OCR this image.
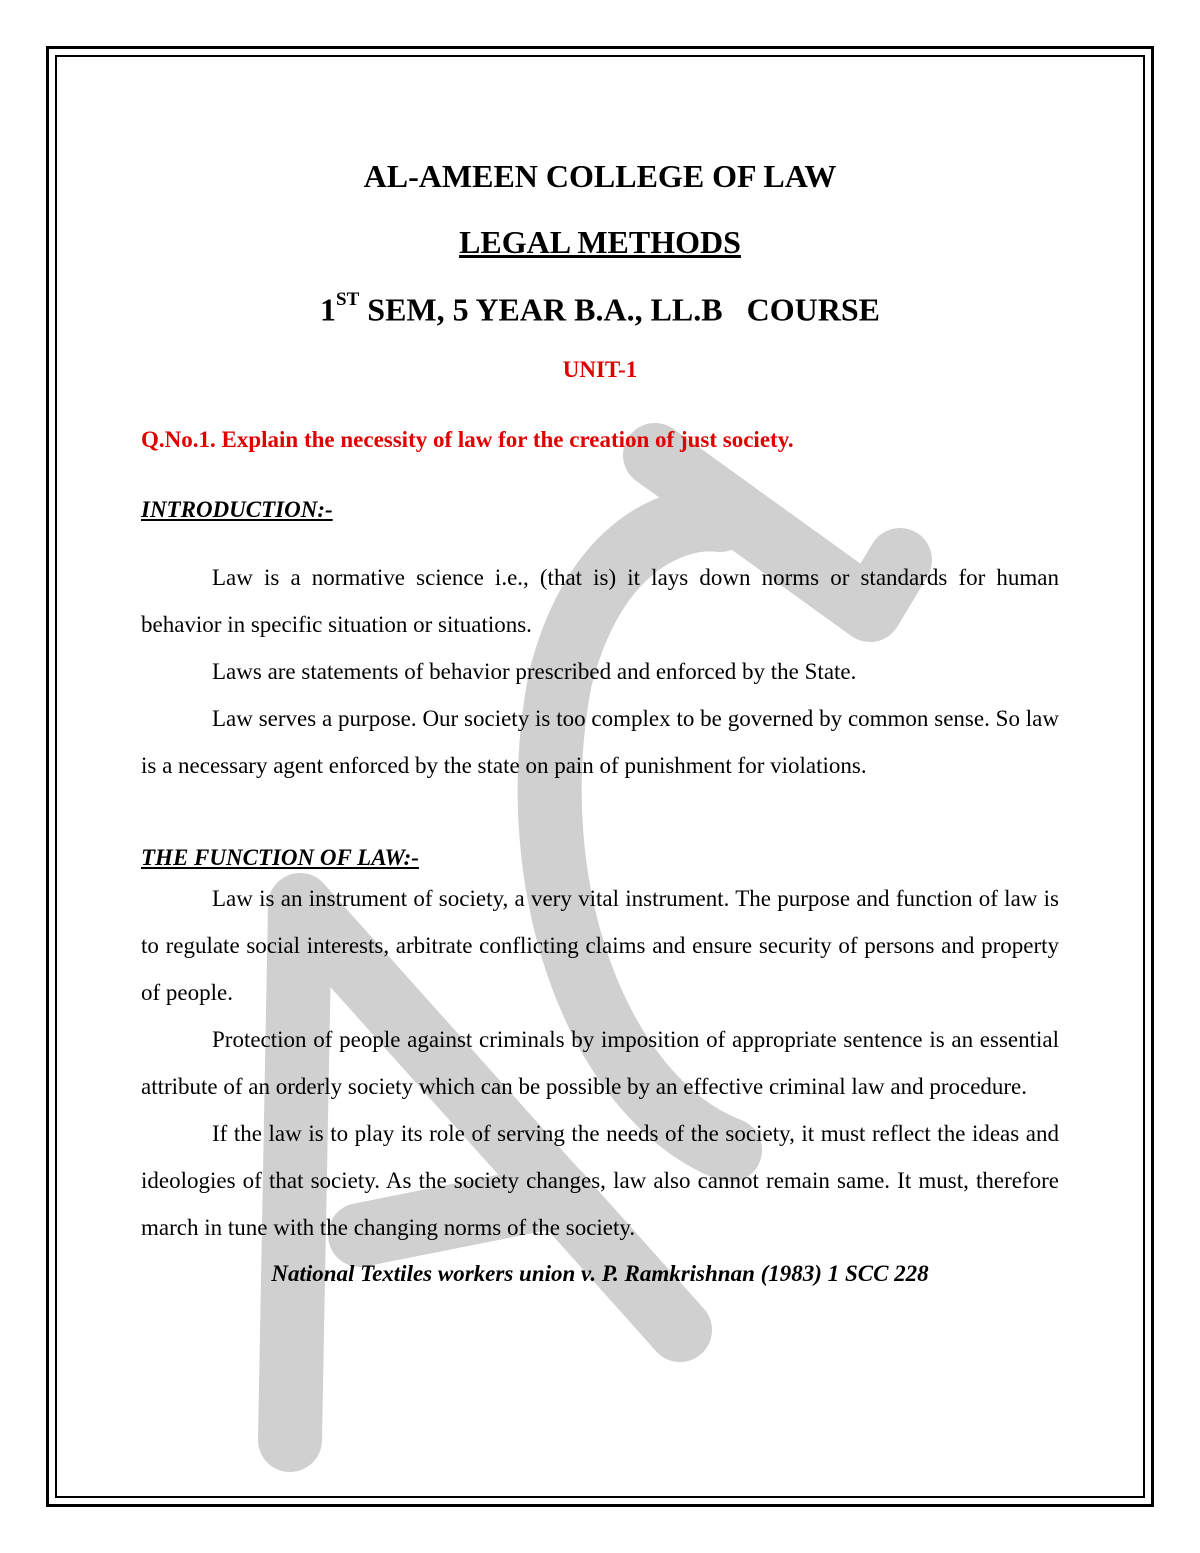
AL-AMEEN COLLEGE OF LAW
LEGAL METHODS
1ST SEM, 5 YEAR B.A., LL.B   COURSE
UNIT-1
Q.No.1. Explain the necessity of law for the creation of just society.
INTRODUCTION:-

Law is a normative science i.e., (that is) it lays down norms or standards for human behavior in specific situation or situations.

Laws are statements of behavior prescribed and enforced by the State.

Law serves a purpose. Our society is too complex to be governed by common sense. So law is a necessary agent enforced by the state on pain of punishment for violations.

THE FUNCTION OF LAW:-

Law is an instrument of society, a very vital instrument. The purpose and function of law is to regulate social interests, arbitrate conflicting claims and ensure security of persons and property of people.

Protection of people against criminals by imposition of appropriate sentence is an essential attribute of an orderly society which can be possible by an effective criminal law and procedure.

If the law is to play its role of serving the needs of the society, it must reflect the ideas and ideologies of that society. As the society changes, law also cannot remain same. It must, therefore march in tune with the changing norms of the society.

National Textiles workers union v. P. Ramkrishnan (1983) 1 SCC 228
